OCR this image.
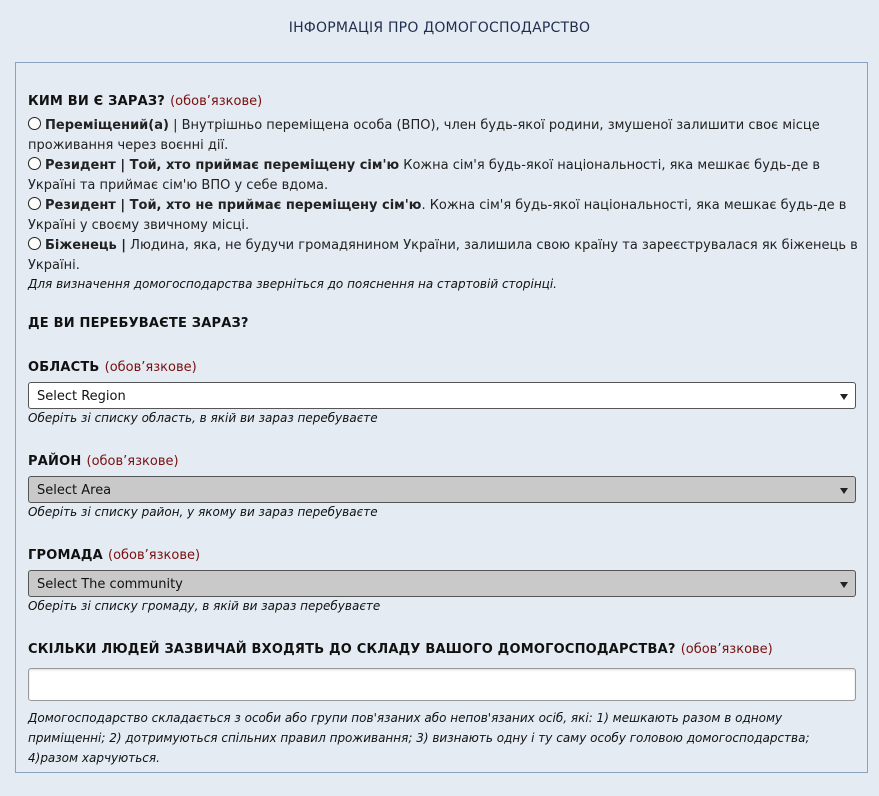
ІНФОРМАЦІЯ ПРО ДОМОГОСПОДАРСТВО
КИМ ВИ Є ЗАРАЗ? (обов’язкове)
Переміщений(а) | Внутрішньо переміщена особа (ВПО), член будь-якої родини, змушеної залишити своє місце проживання через воєнні дії.
Резидент | Той, хто приймає переміщену сім'ю Кожна сім'я будь-якої національності, яка мешкає будь-де в Україні та приймає сім'ю ВПО у себе вдома.
Резидент | Той, хто не приймає переміщену сім'ю. Кожна сім'я будь-якої національності, яка мешкає будь-де в Україні у своєму звичному місці.
Біженець | Людина, яка, не будучи громадянином України, залишила свою країну та зареєструвалася як біженець в Україні.
Для визначення домогосподарства зверніться до пояснення на стартовій сторінці.
ДЕ ВИ ПЕРЕБУВАЄТЕ ЗАРАЗ?
ОБЛАСТЬ (обов’язкове)
Select Region
Оберіть зі списку область, в якій ви зараз перебуваєте
РАЙОН (обов’язкове)
Select Area
Оберіть зі списку район, у якому ви зараз перебуваєте
ГРОМАДА (обов’язкове)
Select The community
Оберіть зі списку громаду, в якій ви зараз перебуваєте
СКІЛЬКИ ЛЮДЕЙ ЗАЗВИЧАЙ ВХОДЯТЬ ДО СКЛАДУ ВАШОГО ДОМОГОСПОДАРСТВА? (обов’язкове)
Домогосподарство складається з особи або групи пов'язаних або непов'язаних осіб, які: 1) мешкають разом в одному приміщенні; 2) дотримуються спільних правил проживання; 3) визнають одну і ту саму особу головою домогосподарства; 4)разом харчуються.
